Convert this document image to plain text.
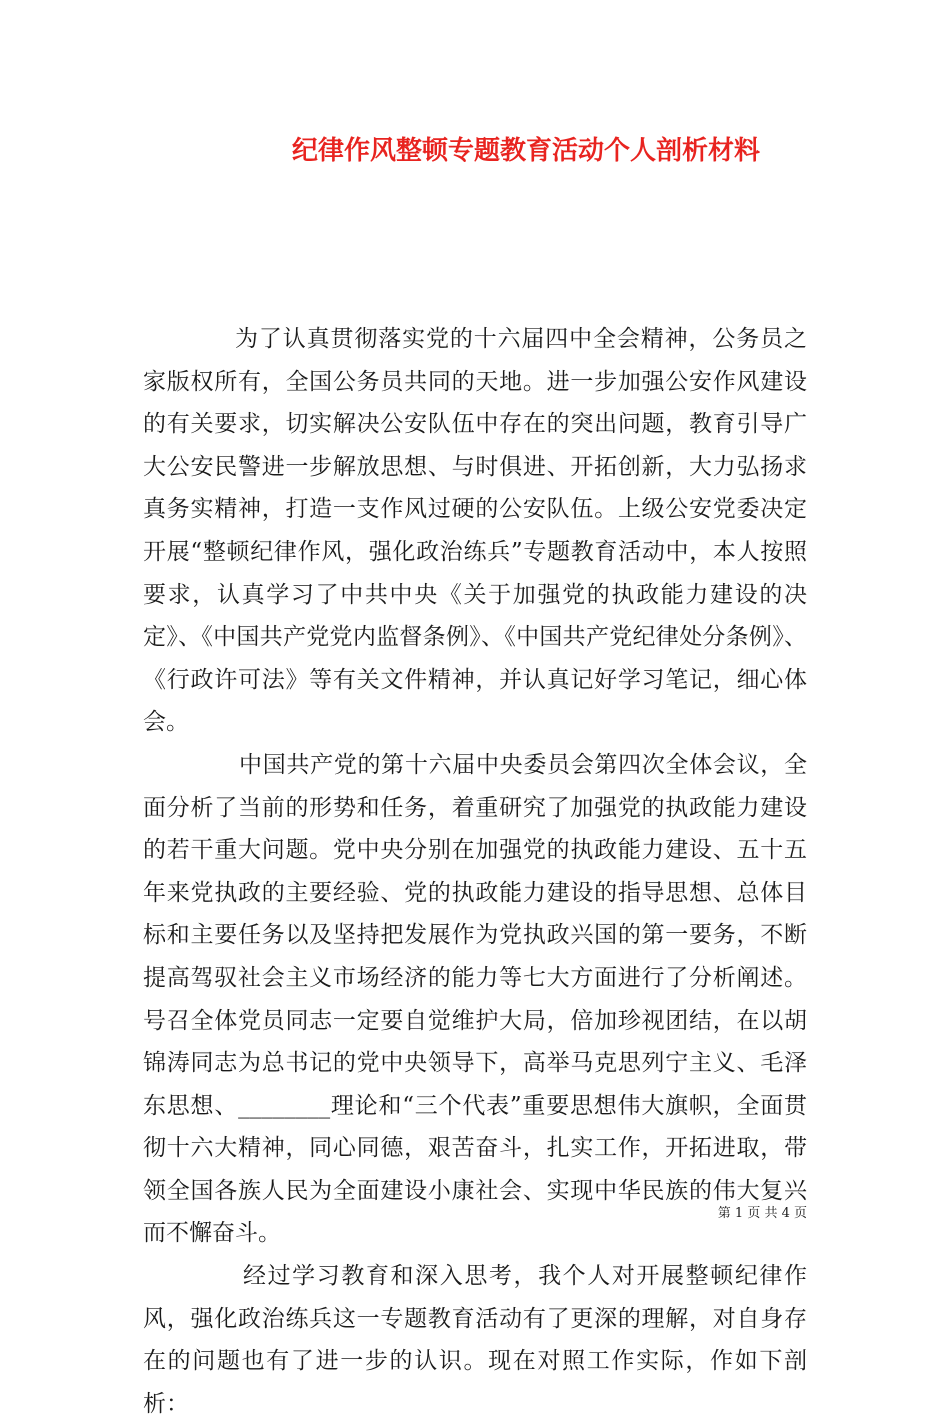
纪律作风整顿专题教育活动个人剖析材料

为了认真贯彻落实党的十六届四中全会精神，公务员之家版权所有，全国公务员共同的天地。进一步加强公安作风建设的有关要求，切实解决公安队伍中存在的突出问题，教育引导广大公安民警进一步解放思想、与时俱进、开拓创新，大力弘扬求真务实精神，打造一支作风过硬的公安队伍。上级公安党委决定开展“整顿纪律作风，强化政治练兵”专题教育活动中，本人按照要求，认真学习了中共中央《关于加强党的执政能力建设的决定》、《中国共产党党内监督条例》、《中国共产党纪律处分条例》、《行政许可法》等有关文件精神，并认真记好学习笔记，细心体会。

中国共产党的第十六届中央委员会第四次全体会议，全面分析了当前的形势和任务，着重研究了加强党的执政能力建设的若干重大问题。党中央分别在加强党的执政能力建设、五十五年来党执政的主要经验、党的执政能力建设的指导思想、总体目标和主要任务以及坚持把发展作为党执政兴国的第一要务，不断提高驾驭社会主义市场经济的能力等七大方面进行了分析阐述。号召全体党员同志一定要自觉维护大局，倍加珍视团结，在以胡锦涛同志为总书记的党中央领导下，高举马克思列宁主义、毛泽东思想、________理论和“三个代表”重要思想伟大旗帜，全面贯彻十六大精神，同心同德，艰苦奋斗，扎实工作，开拓进取，带领全国各族人民为全面建设小康社会、实现中华民族的伟大复兴而不懈奋斗。

经过学习教育和深入思考，我个人对开展整顿纪律作风，强化政治练兵这一专题教育活动有了更深的理解，对自身存在的问题也有了进一步的认识。现在对照工作实际，作如下剖析：

第 1 页 共 4 页
